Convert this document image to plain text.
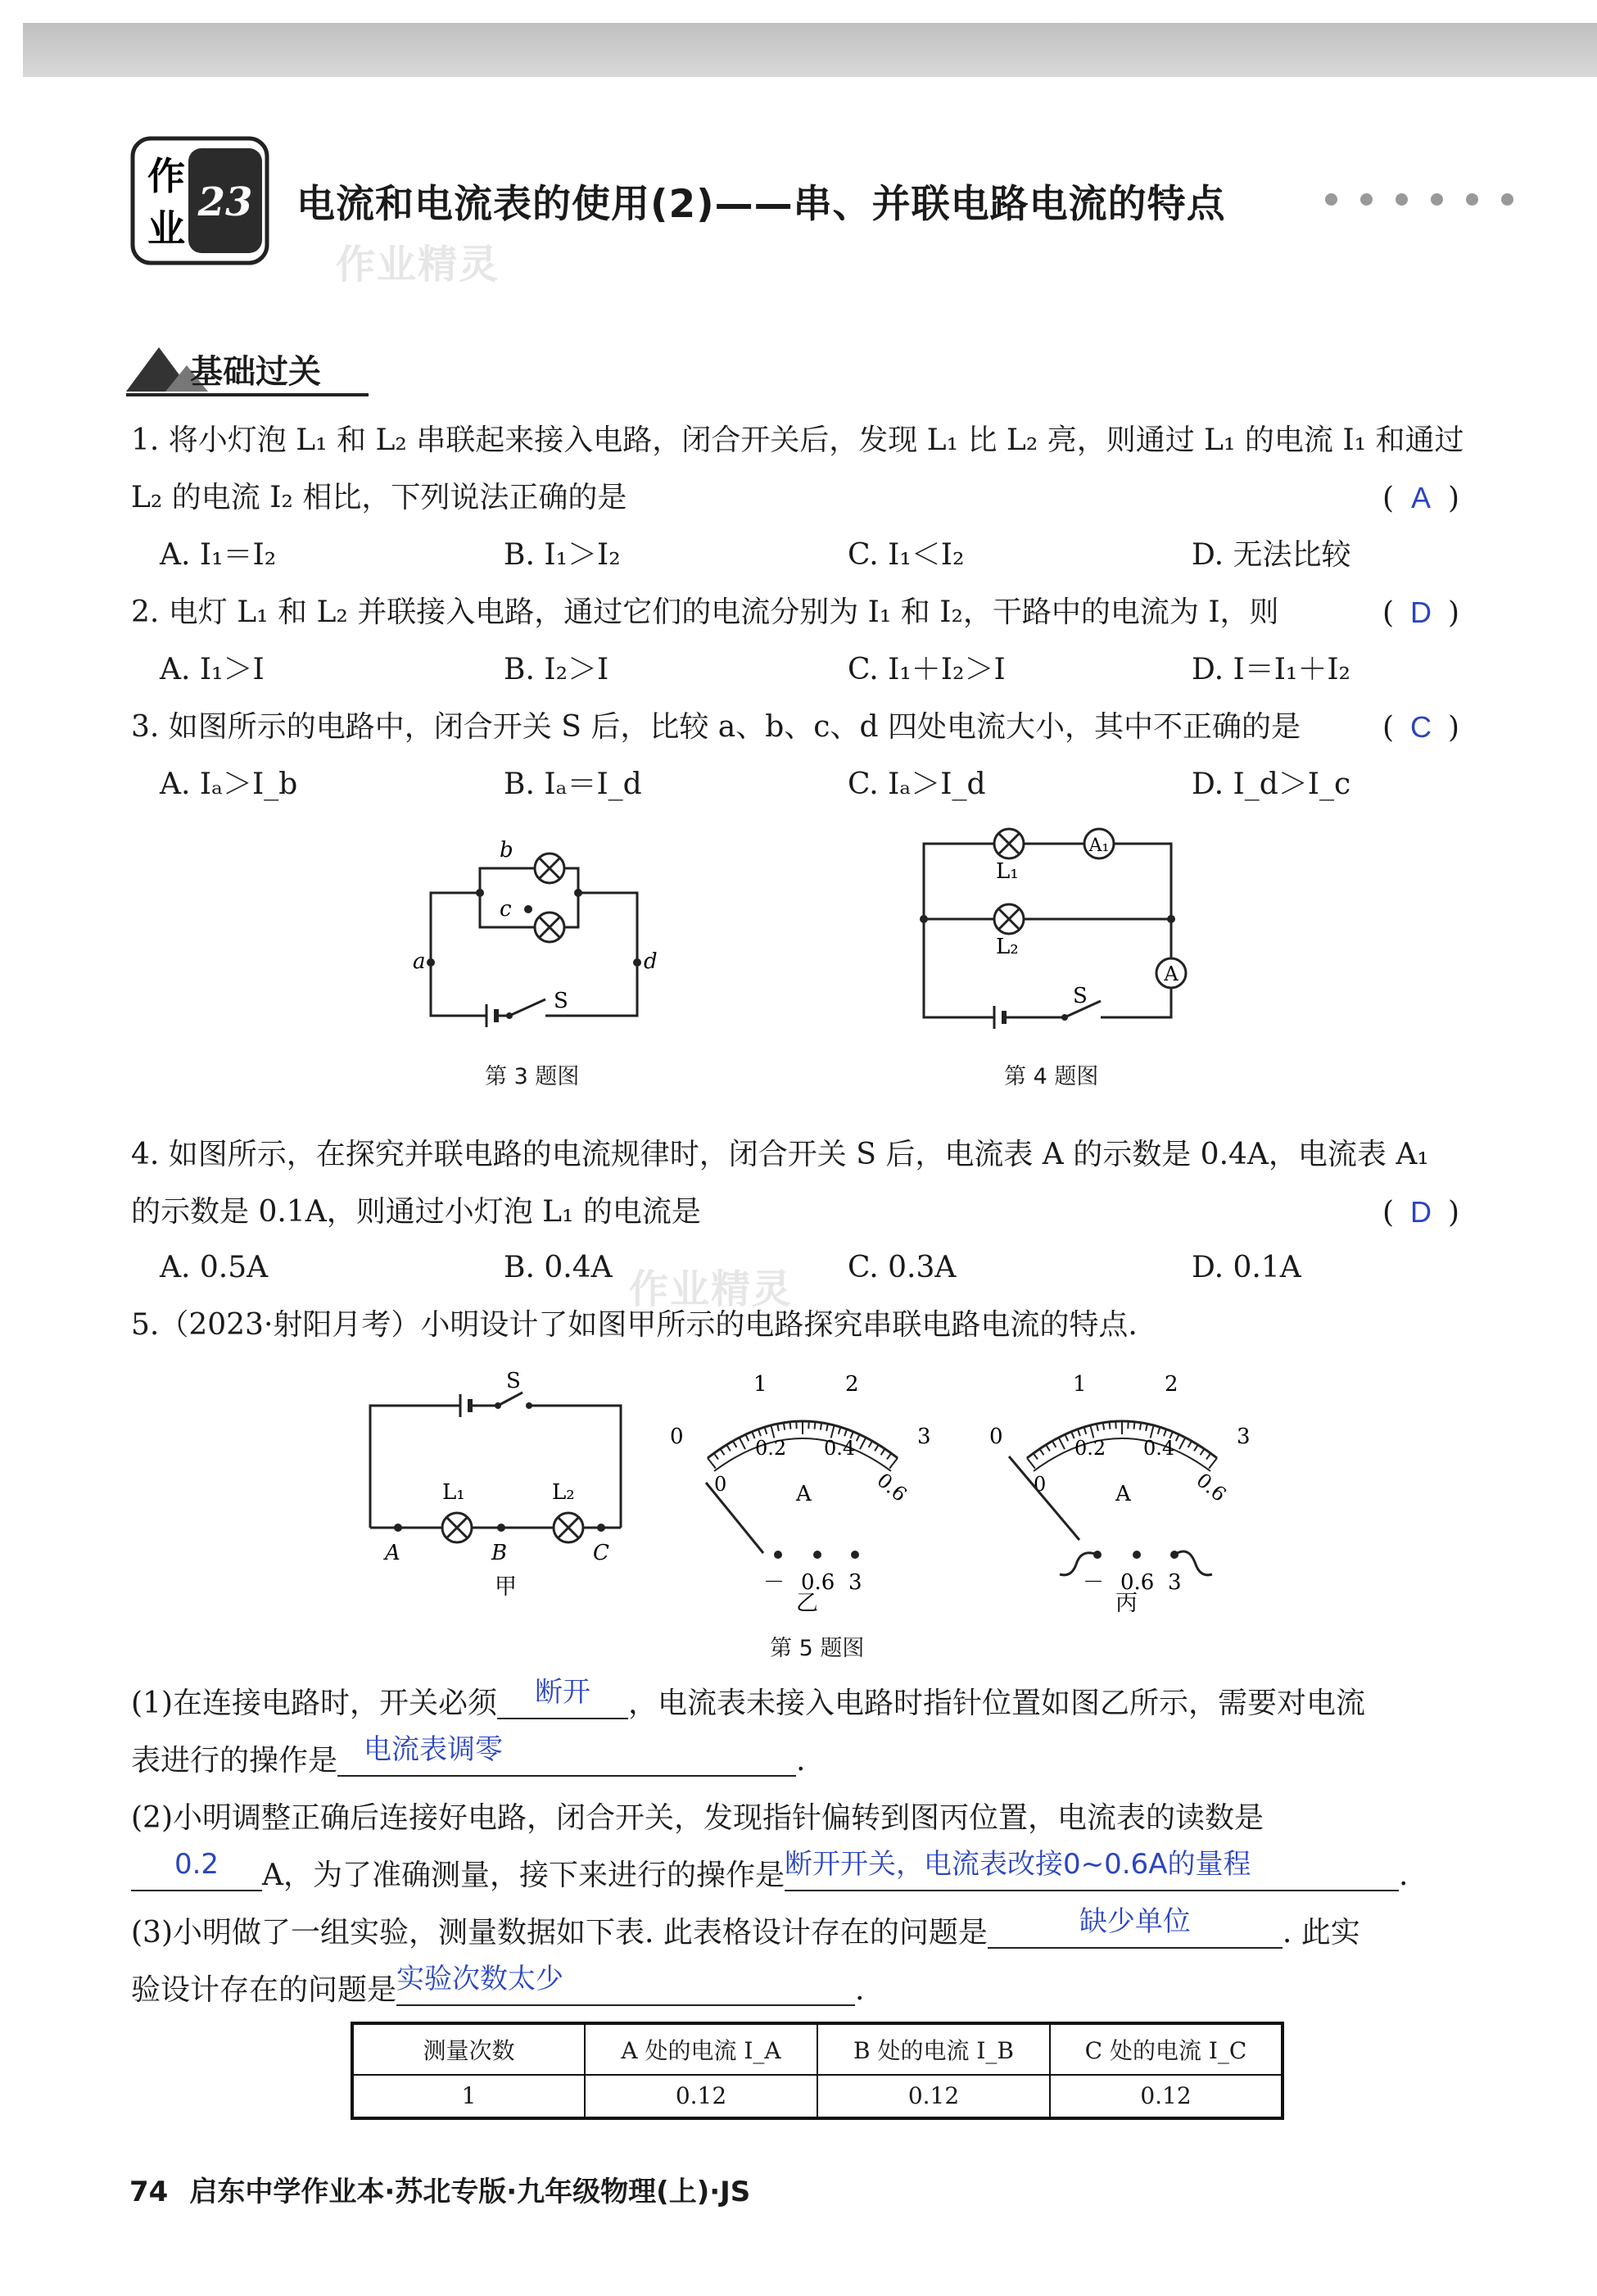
作
业
23 电流和电流表的使用(2)——串、并联电路电流的特点
作业精灵
基础过关
1. 将小灯泡 L₁ 和 L₂ 串联起来接入电路，闭合开关后，发现 L₁ 比 L₂ 亮，则通过 L₁ 的电流 I₁ 和通过
L₂ 的电流 I₂ 相比，下列说法正确的是	( A )
A. I₁＝I₂	B. I₁＞I₂	C. I₁＜I₂	D. 无法比较
2. 电灯 L₁ 和 L₂ 并联接入电路，通过它们的电流分别为 I₁ 和 I₂，干路中的电流为 I，则	( D )
A. I₁＞I	B. I₂＞I	C. I₁＋I₂＞I	D. I＝I₁＋I₂
3. 如图所示的电路中，闭合开关 S 后，比较 a、b、c、d 四处电流大小，其中不正确的是	( C )
A. Iₐ＞I_b	B. Iₐ＝I_d	C. Iₐ＞I_d	D. I_d＞I_c
a
b
c
d
S
第 3 题图
L₁
L₂
A₁
A
S
第 4 题图
4. 如图所示，在探究并联电路的电流规律时，闭合开关 S 后，电流表 A 的示数是 0.4A，电流表 A₁
的示数是 0.1A，则通过小灯泡 L₁ 的电流是	( D )
A. 0.5A	B. 0.4A	C. 0.3A	D. 0.1A
作业精灵
5.（2023·射阳月考）小明设计了如图甲所示的电路探究串联电路电流的特点.
S
L₁	L₂
A	B	C
甲
0
1	2
3
0
0.2 0.4
0.6
A
－ 0.6 3
乙
0
1	2
3
0
0.2 0.4
0.6
A
－ 0.6 3
丙
第 5 题图
(1)在连接电路时，开关必须 断开 ，电流表未接入电路时指针位置如图乙所示，需要对电流
表进行的操作是 电流表调零	.
(2)小明调整正确后连接好电路，闭合开关，发现指针偏转到图丙位置，电流表的读数是
0.2 A，为了准确测量，接下来进行的操作是断开开关，电流表改接0~0.6A的量程	.
(3)小明做了一组实验，测量数据如下表. 此表格设计存在的问题是	缺少单位	. 此实
验设计存在的问题是实验次数太少	.
测量次数	A 处的电流 I_A	B 处的电流 I_B	C 处的电流 I_C
1	0.12	0.12	0.12
74 启东中学作业本·苏北专版·九年级物理(上)·JS
